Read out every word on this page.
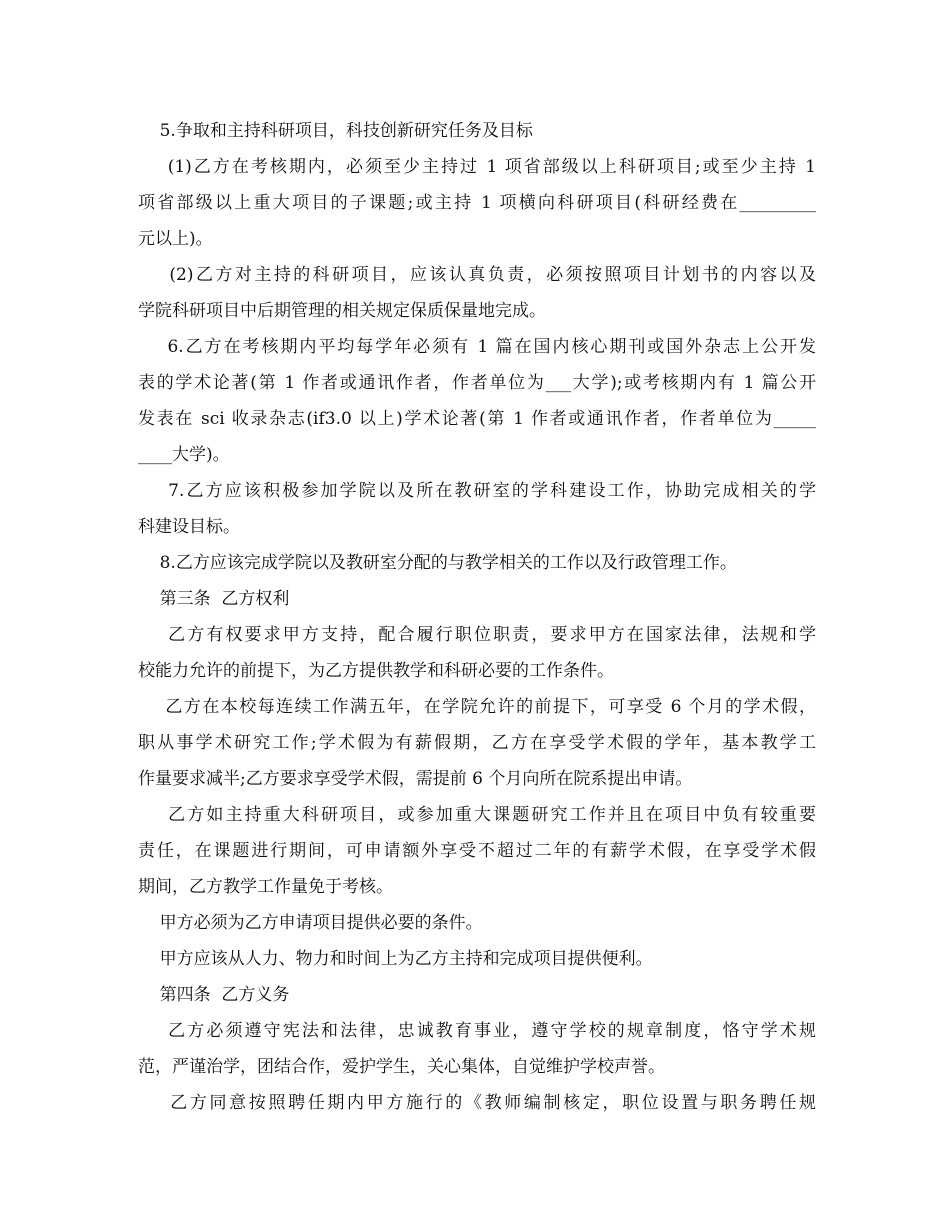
5.争取和主持科研项目，科技创新研究任务及目标
(1)乙方在考核期内，必须至少主持过 1 项省部级以上科研项目;或至少主持 1
项省部级以上重大项目的子课题;或主持 1 项横向科研项目(科研经费在_________
元以上)。
(2)乙方对主持的科研项目，应该认真负责，必须按照项目计划书的内容以及
学院科研项目中后期管理的相关规定保质保量地完成。
6.乙方在考核期内平均每学年必须有 1 篇在国内核心期刊或国外杂志上公开发
表的学术论著(第 1 作者或通讯作者，作者单位为___大学);或考核期内有 1 篇公开
发表在 sci 收录杂志(if3.0 以上)学术论著(第 1 作者或通讯作者，作者单位为_____
____大学)。
7.乙方应该积极参加学院以及所在教研室的学科建设工作，协助完成相关的学
科建设目标。
8.乙方应该完成学院以及教研室分配的与教学相关的工作以及行政管理工作。
第三条  乙方权利
乙方有权要求甲方支持，配合履行职位职责，要求甲方在国家法律，法规和学
校能力允许的前提下，为乙方提供教学和科研必要的工作条件。
乙方在本校每连续工作满五年，在学院允许的前提下，可享受 6 个月的学术假，
职从事学术研究工作;学术假为有薪假期，乙方在享受学术假的学年，基本教学工
作量要求减半;乙方要求享受学术假，需提前 6 个月向所在院系提出申请。
乙方如主持重大科研项目，或参加重大课题研究工作并且在项目中负有较重要
责任，在课题进行期间，可申请额外享受不超过二年的有薪学术假，在享受学术假
期间，乙方教学工作量免于考核。
甲方必须为乙方申请项目提供必要的条件。
甲方应该从人力、物力和时间上为乙方主持和完成项目提供便利。
第四条  乙方义务
乙方必须遵守宪法和法律，忠诚教育事业，遵守学校的规章制度，恪守学术规
范，严谨治学，团结合作，爱护学生，关心集体，自觉维护学校声誉。
乙方同意按照聘任期内甲方施行的《教师编制核定，职位设置与职务聘任规
